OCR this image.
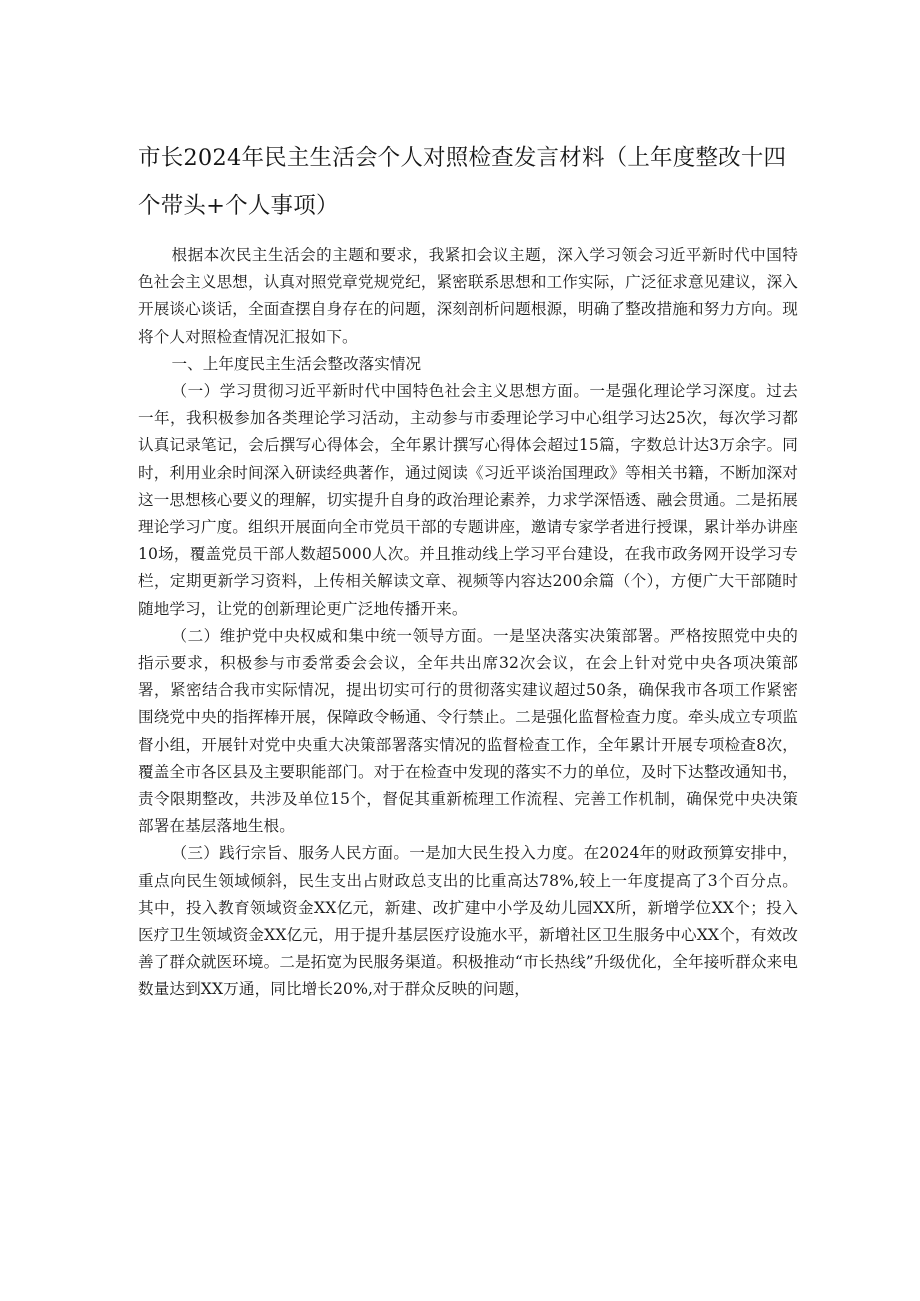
市长2024年民主生活会个人对照检查发言材料（上年度整改十四个带头+个人事项）

根据本次民主生活会的主题和要求，我紧扣会议主题，深入学习领会习近平新时代中国特色社会主义思想，认真对照党章党规党纪，紧密联系思想和工作实际，广泛征求意见建议，深入开展谈心谈话，全面查摆自身存在的问题，深刻剖析问题根源，明确了整改措施和努力方向。现将个人对照检查情况汇报如下。

一、上年度民主生活会整改落实情况

（一）学习贯彻习近平新时代中国特色社会主义思想方面。一是强化理论学习深度。过去一年，我积极参加各类理论学习活动，主动参与市委理论学习中心组学习达25次，每次学习都认真记录笔记，会后撰写心得体会，全年累计撰写心得体会超过15篇，字数总计达3万余字。同时，利用业余时间深入研读经典著作，通过阅读《习近平谈治国理政》等相关书籍，不断加深对这一思想核心要义的理解，切实提升自身的政治理论素养，力求学深悟透、融会贯通。二是拓展理论学习广度。组织开展面向全市党员干部的专题讲座，邀请专家学者进行授课，累计举办讲座10场，覆盖党员干部人数超5000人次。并且推动线上学习平台建设，在我市政务网开设学习专栏，定期更新学习资料，上传相关解读文章、视频等内容达200余篇（个），方便广大干部随时随地学习，让党的创新理论更广泛地传播开来。

（二）维护党中央权威和集中统一领导方面。一是坚决落实决策部署。严格按照党中央的指示要求，积极参与市委常委会会议，全年共出席32次会议，在会上针对党中央各项决策部署，紧密结合我市实际情况，提出切实可行的贯彻落实建议超过50条，确保我市各项工作紧密围绕党中央的指挥棒开展，保障政令畅通、令行禁止。二是强化监督检查力度。牵头成立专项监督小组，开展针对党中央重大决策部署落实情况的监督检查工作，全年累计开展专项检查8次，覆盖全市各区县及主要职能部门。对于在检查中发现的落实不力的单位，及时下达整改通知书，责令限期整改，共涉及单位15个，督促其重新梳理工作流程、完善工作机制，确保党中央决策部署在基层落地生根。

（三）践行宗旨、服务人民方面。一是加大民生投入力度。在2024年的财政预算安排中，重点向民生领域倾斜，民生支出占财政总支出的比重高达78%,较上一年度提高了3个百分点。其中，投入教育领域资金XX亿元，新建、改扩建中小学及幼儿园XX所，新增学位XX个；投入医疗卫生领域资金XX亿元，用于提升基层医疗设施水平，新增社区卫生服务中心XX个，有效改善了群众就医环境。二是拓宽为民服务渠道。积极推动“市长热线”升级优化，全年接听群众来电数量达到XX万通，同比增长20%,对于群众反映的问题，
